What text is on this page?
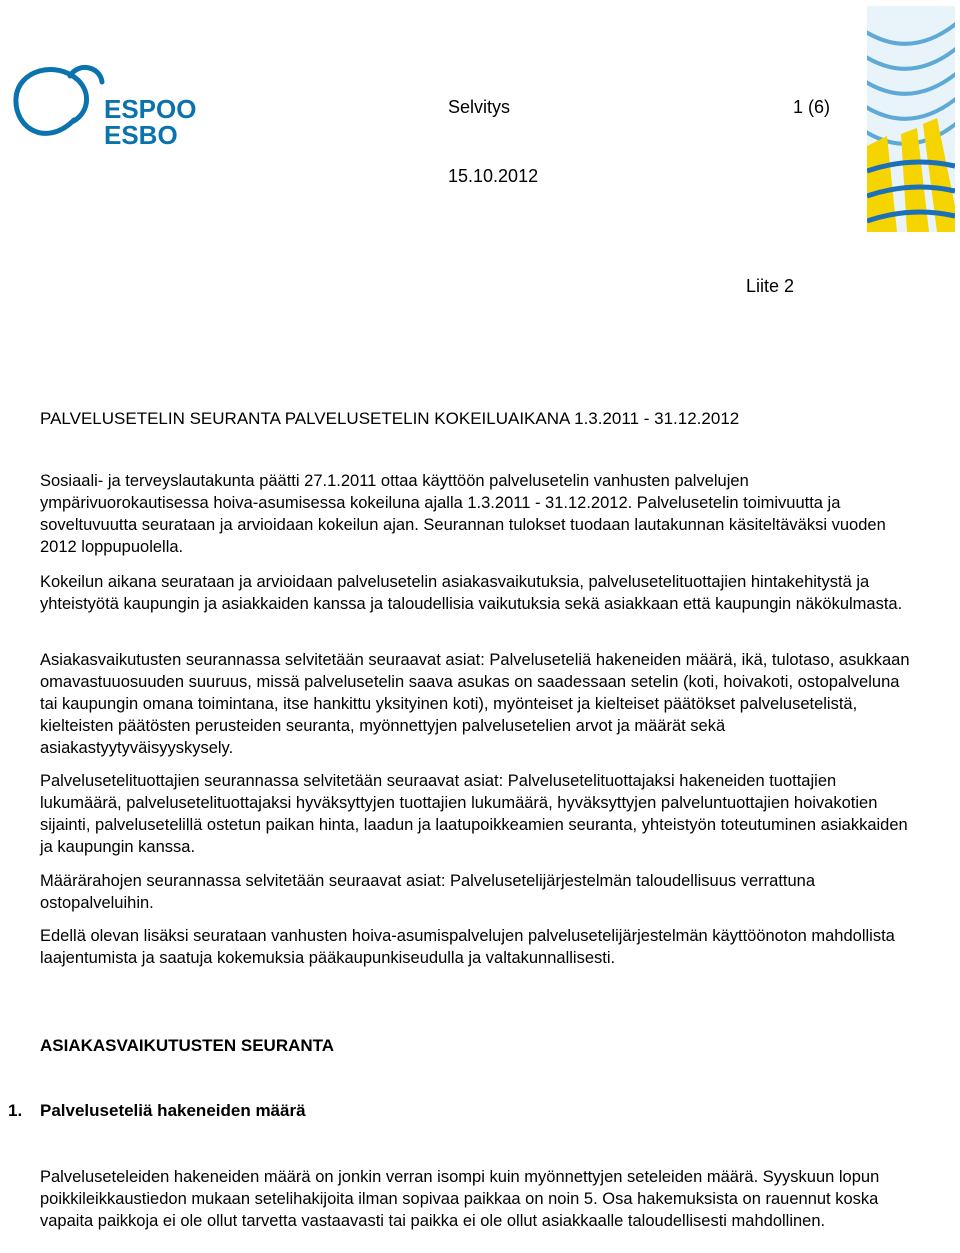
ESPOO
ESBO
Selvitys	1 (6)
15.10.2012
Liite 2
PALVELUSETELIN SEURANTA PALVELUSETELIN KOKEILUAIKANA 1.3.2011 - 31.12.2012

Sosiaali- ja terveyslautakunta päätti 27.1.2011 ottaa käyttöön palvelusetelin vanhusten palvelujen ympärivuorokautisessa hoiva-asumisessa kokeiluna ajalla 1.3.2011 - 31.12.2012. Palvelusetelin toimivuutta ja soveltuvuutta seurataan ja arvioidaan kokeilun ajan. Seurannan tulokset tuodaan lautakunnan käsiteltäväksi vuoden 2012 loppupuolella.

Kokeilun aikana seurataan ja arvioidaan palvelusetelin asiakasvaikutuksia, palvelusetelituottajien hintakehitystä ja yhteistyötä kaupungin ja asiakkaiden kanssa ja taloudellisia vaikutuksia sekä asiakkaan että kaupungin näkökulmasta.

Asiakasvaikutusten seurannassa selvitetään seuraavat asiat: Palveluseteliä hakeneiden määrä, ikä, tulotaso, asukkaan omavastuuosuuden suuruus, missä palvelusetelin saava asukas on saadessaan setelin (koti, hoivakoti, ostopalveluna tai kaupungin omana toimintana, itse hankittu yksityinen koti), myönteiset ja kielteiset päätökset palvelusetelistä, kielteisten päätösten perusteiden seuranta, myönnettyjen palvelusetelien arvot ja määrät sekä asiakastyytyväisyyskysely.

Palvelusetelituottajien seurannassa selvitetään seuraavat asiat: Palvelusetelituottajaksi hakeneiden tuottajien lukumäärä, palvelusetelituottajaksi hyväksyttyjen tuottajien lukumäärä, hyväksyttyjen palveluntuottajien hoivakotien sijainti, palvelusetelillä ostetun paikan hinta, laadun ja laatupoikkeamien seuranta, yhteistyön toteutuminen asiakkaiden ja kaupungin kanssa.

Määrärahojen seurannassa selvitetään seuraavat asiat: Palvelusetelijärjestelmän taloudellisuus verrattuna ostopalveluihin.

Edellä olevan lisäksi seurataan vanhusten hoiva-asumispalvelujen palvelusetelijärjestelmän käyttöönoton mahdollista laajentumista ja saatuja kokemuksia pääkaupunkiseudulla ja valtakunnallisesti.

ASIAKASVAIKUTUSTEN SEURANTA
1. Palveluseteliä hakeneiden määrä

Palveluseteleiden hakeneiden määrä on jonkin verran isompi kuin myönnettyjen seteleiden määrä. Syyskuun lopun poikkileikkaustiedon mukaan setelihakijoita ilman sopivaa paikkaa on noin 5. Osa hakemuksista on rauennut koska vapaita paikkoja ei ole ollut tarvetta vastaavasti tai paikka ei ole ollut asiakkaalle taloudellisesti mahdollinen.
